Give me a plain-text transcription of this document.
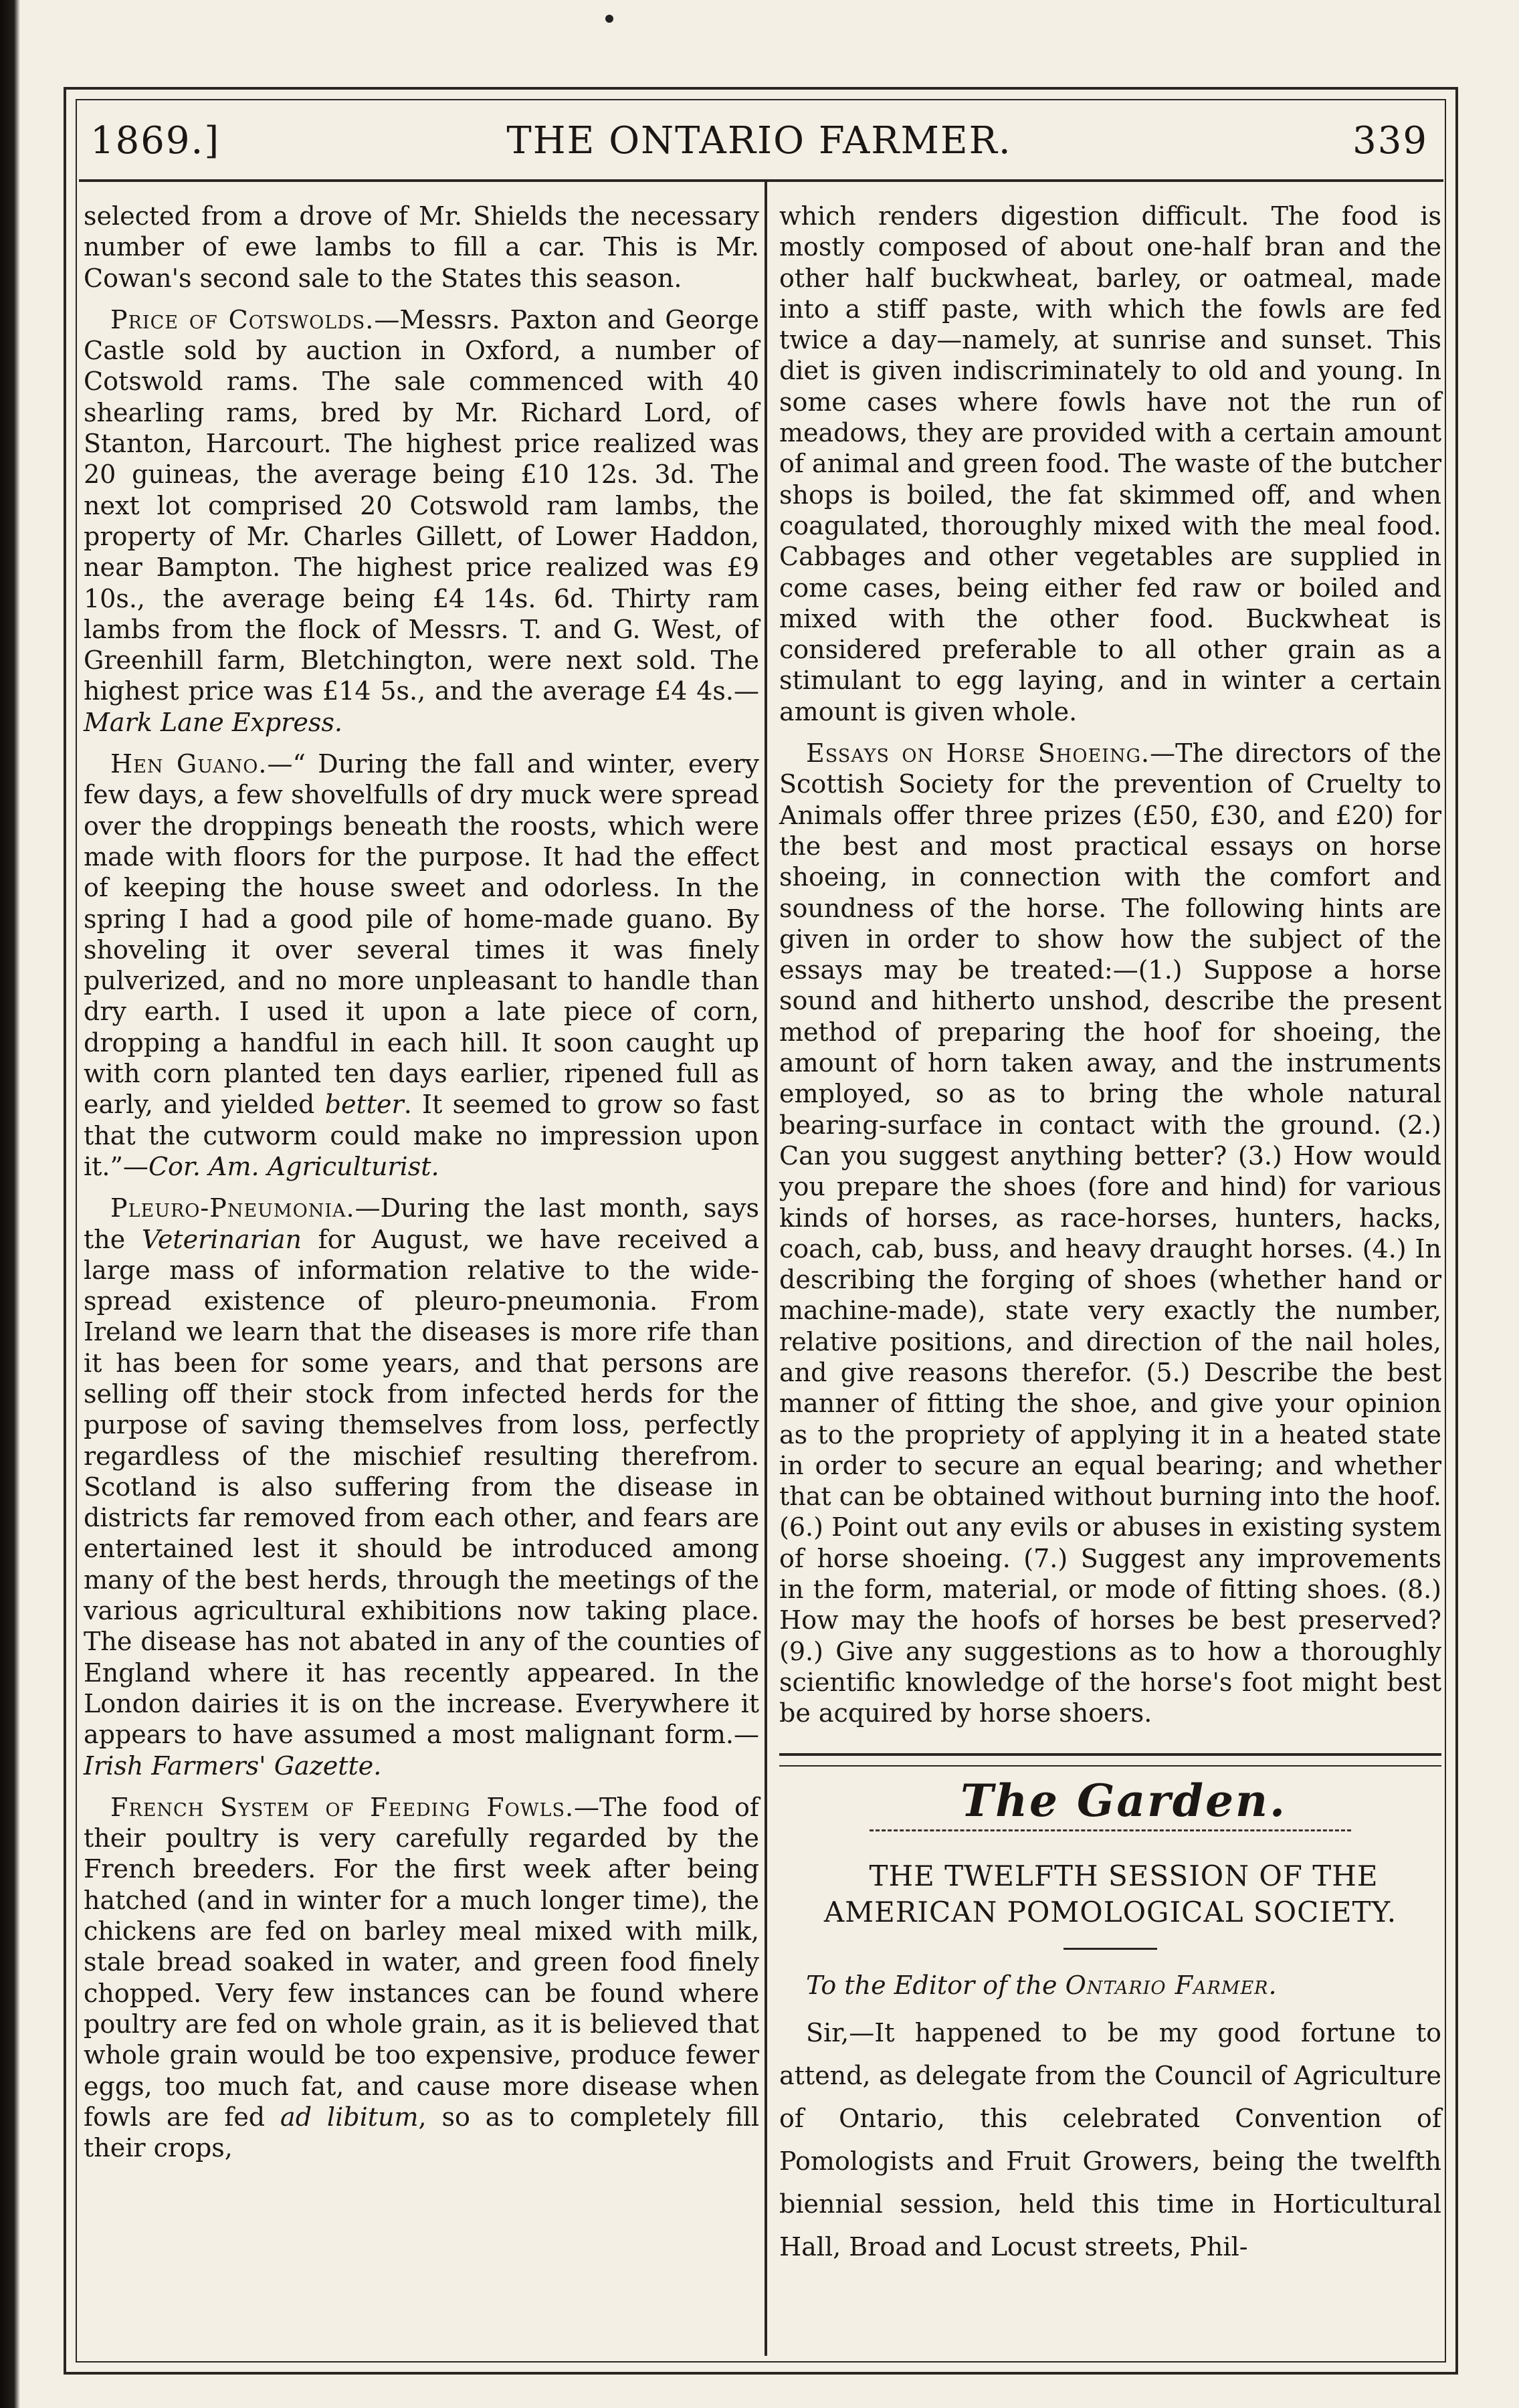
1869.]	THE ONTARIO FARMER.	339

selected from a drove of Mr. Shields the necessary number of ewe lambs to fill a car. This is Mr. Cowan's second sale to the States this season.

Price of Cotswolds.—Messrs. Paxton and George Castle sold by auction in Oxford, a number of Cotswold rams. The sale commenced with 40 shearling rams, bred by Mr. Richard Lord, of Stanton, Harcourt. The highest price realized was 20 guineas, the average being £10 12s. 3d. The next lot comprised 20 Cotswold ram lambs, the property of Mr. Charles Gillett, of Lower Haddon, near Bampton. The highest price realized was £9 10s., the average being £4 14s. 6d. Thirty ram lambs from the flock of Messrs. T. and G. West, of Greenhill farm, Bletchington, were next sold. The highest price was £14 5s., and the average £4 4s.—Mark Lane Express.

Hen Guano.—“ During the fall and winter, every few days, a few shovelfulls of dry muck were spread over the droppings beneath the roosts, which were made with floors for the purpose. It had the effect of keeping the house sweet and odorless. In the spring I had a good pile of home-made guano. By shoveling it over several times it was finely pulverized, and no more unpleasant to handle than dry earth. I used it upon a late piece of corn, dropping a handful in each hill. It soon caught up with corn planted ten days earlier, ripened full as early, and yielded better. It seemed to grow so fast that the cutworm could make no impression upon it.”—Cor. Am. Agriculturist.

Pleuro-Pneumonia.—During the last month, says the Veterinarian for August, we have received a large mass of information relative to the wide-spread existence of pleuro-pneumonia. From Ireland we learn that the diseases is more rife than it has been for some years, and that persons are selling off their stock from infected herds for the purpose of saving themselves from loss, perfectly regardless of the mischief resulting therefrom. Scotland is also suffering from the disease in districts far removed from each other, and fears are entertained lest it should be introduced among many of the best herds, through the meetings of the various agricultural exhibitions now taking place. The disease has not abated in any of the counties of England where it has recently appeared. In the London dairies it is on the increase. Everywhere it appears to have assumed a most malignant form.—Irish Farmers' Gazette.

French System of Feeding Fowls.—The food of their poultry is very carefully regarded by the French breeders. For the first week after being hatched (and in winter for a much longer time), the chickens are fed on barley meal mixed with milk, stale bread soaked in water, and green food finely chopped. Very few instances can be found where poultry are fed on whole grain, as it is believed that whole grain would be too expensive, produce fewer eggs, too much fat, and cause more disease when fowls are fed ad libitum, so as to completely fill their crops,

which renders digestion difficult. The food is mostly composed of about one-half bran and the other half buckwheat, barley, or oatmeal, made into a stiff paste, with which the fowls are fed twice a day—namely, at sunrise and sunset. This diet is given indiscriminately to old and young. In some cases where fowls have not the run of meadows, they are provided with a certain amount of animal and green food. The waste of the butcher shops is boiled, the fat skimmed off, and when coagulated, thoroughly mixed with the meal food. Cabbages and other vegetables are supplied in come cases, being either fed raw or boiled and mixed with the other food. Buckwheat is considered preferable to all other grain as a stimulant to egg laying, and in winter a certain amount is given whole.

Essays on Horse Shoeing.—The directors of the Scottish Society for the prevention of Cruelty to Animals offer three prizes (£50, £30, and £20) for the best and most practical essays on horse shoeing, in connection with the comfort and soundness of the horse. The following hints are given in order to show how the subject of the essays may be treated:—(1.) Suppose a horse sound and hitherto unshod, describe the present method of preparing the hoof for shoeing, the amount of horn taken away, and the instruments employed, so as to bring the whole natural bearing-surface in contact with the ground. (2.) Can you suggest anything better? (3.) How would you prepare the shoes (fore and hind) for various kinds of horses, as race-horses, hunters, hacks, coach, cab, buss, and heavy draught horses. (4.) In describing the forging of shoes (whether hand or machine-made), state very exactly the number, relative positions, and direction of the nail holes, and give reasons therefor. (5.) Describe the best manner of fitting the shoe, and give your opinion as to the propriety of applying it in a heated state in order to secure an equal bearing; and whether that can be obtained without burning into the hoof. (6.) Point out any evils or abuses in existing system of horse shoeing. (7.) Suggest any improvements in the form, material, or mode of fitting shoes. (8.) How may the hoofs of horses be best preserved? (9.) Give any suggestions as to how a thoroughly scientific knowledge of the horse's foot might best be acquired by horse shoers.

The Garden.

THE TWELFTH SESSION OF THE AMERICAN POMOLOGICAL SOCIETY.

To the Editor of the Ontario Farmer.

Sir,—It happened to be my good fortune to attend, as delegate from the Council of Agriculture of Ontario, this celebrated Convention of Pomologists and Fruit Growers, being the twelfth biennial session, held this time in Horticultural Hall, Broad and Locust streets, Phil-
